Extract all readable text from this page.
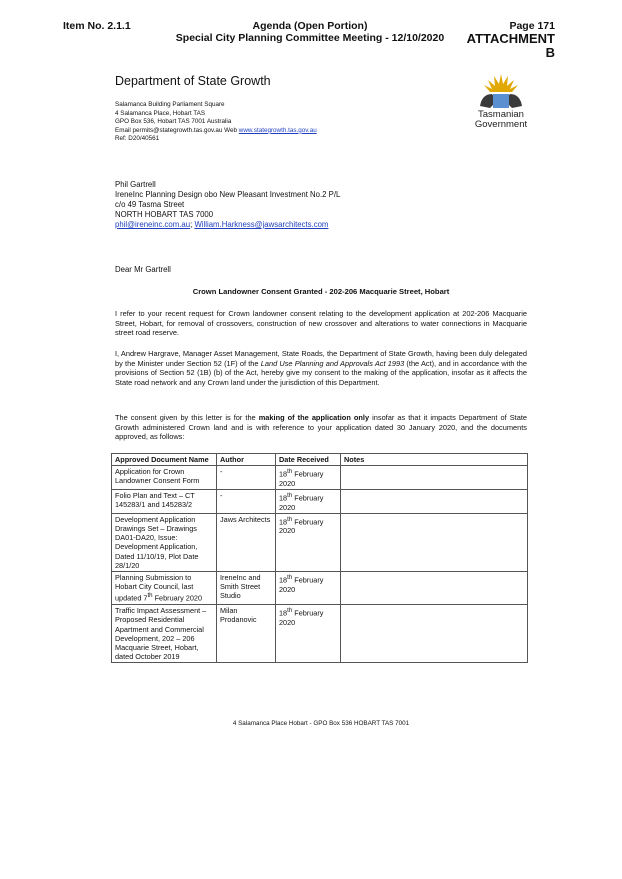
Item No. 2.1.1	Agenda (Open Portion)
Special City Planning Committee Meeting - 12/10/2020
Page 171
ATTACHMENT B
Department of State Growth
Salamanca Building Parliament Square
4 Salamanca Place, Hobart TAS
GPO Box 536, Hobart TAS 7001 Australia
Email permits@stategrowth.tas.gov.au Web www.stategrowth.tas.gov.au
Ref: D20/40561
Tasmanian
Government
Phil Gartrell
IreneInc Planning Design obo New Pleasant Investment No.2 P/L
c/o 49 Tasma Street
NORTH HOBART TAS 7000
phil@ireneinc.com.au; William.Harkness@jawsarchitects.com
Dear Mr Gartrell
Crown Landowner Consent Granted - 202-206 Macquarie Street, Hobart
I refer to your recent request for Crown landowner consent relating to the development application at 202-206 Macquarie Street, Hobart, for removal of crossovers, construction of new crossover and alterations to water connections in Macquarie street road reserve.
I, Andrew Hargrave, Manager Asset Management, State Roads, the Department of State Growth, having been duly delegated by the Minister under Section 52 (1F) of the Land Use Planning and Approvals Act 1993 (the Act), and in accordance with the provisions of Section 52 (1B) (b) of the Act, hereby give my consent to the making of the application, insofar as it affects the State road network and any Crown land under the jurisdiction of this Department.
The consent given by this letter is for the making of the application only insofar as that it impacts Department of State Growth administered Crown land and is with reference to your application dated 30 January 2020, and the documents approved, as follows:
Approved Document Name	Author	Date Received	Notes
Application for Crown Landowner Consent Form	-	18th February 2020	
Folio Plan and Text – CT 145283/1 and 145283/2	-	18th February 2020	
Development Application Drawings Set – Drawings DA01-DA20, Issue: Development Application, Dated 11/10/19, Plot Date 28/1/20	Jaws Architects	18th February 2020	
Planning Submission to Hobart City Council, last updated 7th February 2020	IreneInc and Smith Street Studio	18th February 2020	
Traffic Impact Assessment – Proposed Residential Apartment and Commercial Development, 202 – 206 Macquarie Street, Hobart, dated October 2019	Milan Prodanovic	18th February 2020	
4 Salamanca Place Hobart - GPO Box 536 HOBART TAS 7001
